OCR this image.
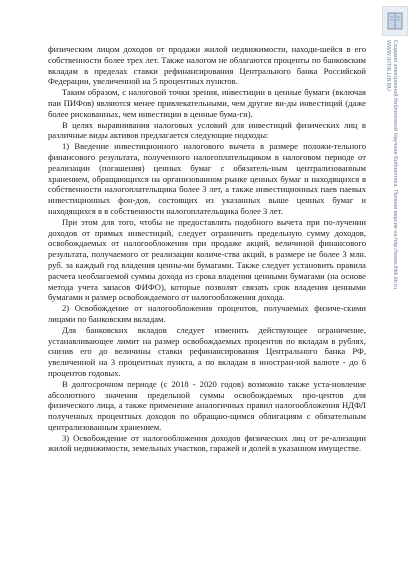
физическим лицом доходов от продажи жилой недвижимости, находи-шейся в его собственности более трех лет. Также налогом не облагаются проценты по банковским вкладам в пределах ставки рефинансирования Центрального банка Российской Федерации, увеличенной на 5 процентных пунктов.

Таким образом, с налоговой точки зрения, инвестиции в ценные бумаги (включая паи ПИФов) являются менее привлекательными, чем другие ви-ды инвестиций (даже более рискованных, чем инвестиции в ценные бума-ги).

В целях выравнивания налоговых условий для инвестиций физических лиц в различные виды активов предлагается следующие подходы:

1) Введение инвестиционного налогового вычета в размере положи-тельного финансового результата, полученного налогоплательщиком в налоговом периоде от реализации (погашения) ценных бумаг с обязатель-ным централизованным хранением, обращающихся на организованном рынке ценных бумаг и находящихся в собственности налогоплательщика более 3 лет, а также инвестиционных паев паевых инвестиционных фон-дов, состоящих из указанных выше ценных бумаг и находящихся в в собственности налогоплательщика более 3 лет.

При этом для того, чтобы не предоставлять подобного вычета при по-лучении доходов от прямых инвестиций, следует ограничить предельную сумму доходов, освобождаемых от налогообложения при продаже акций, величиной финансового результата, получаемого от реализации количе-ства акций, в размере не более 3 млн. руб. за каждый год владения ценны-ми бумагами. Также следует установить правила расчета необлагаемой суммы дохода из срока владения ценными бумагами (на основе метода учета запасов ФИФО), которые позволят связать срок владения ценными бумагами и размер освобождаемого от налогообложения дохода.

2) Освобождение от налогообложения процентов, получаемых физиче-скими лицами по банковским вкладам.

Для банковских вкладов следует изменить действующее ограничение, устанавливающее лимит на размер освобождаемых процентов по вкладам в рублях, снизив его до величины ставки рефинансирования Центрального банка РФ, увеличенной на 3 процентных пункта, а по вкладам в иностран-ной валюте - до 6 процентов годовых.

В долгосрочном периоде (с 2018 - 2020 годов) возможно также уста-новление абсолютного значения предельной суммы освобождаемых про-центов для физического лица, а также применение аналогичных правил налогообложения НДФЛ полученных процентных доходов по обращаю-щимся облигациям с обязательным централизованным хранением.

3) Освобождение от налогообложения доходов физических лиц от ре-ализации жилой недвижимости, земельных участков, гаражей и долей в указанном имуществе.

Создано электронной библиотекой Научная Библиотека. Полная версия на http://www.ihtik.lib.ru
WWW.IHTIK.LIB.RU
